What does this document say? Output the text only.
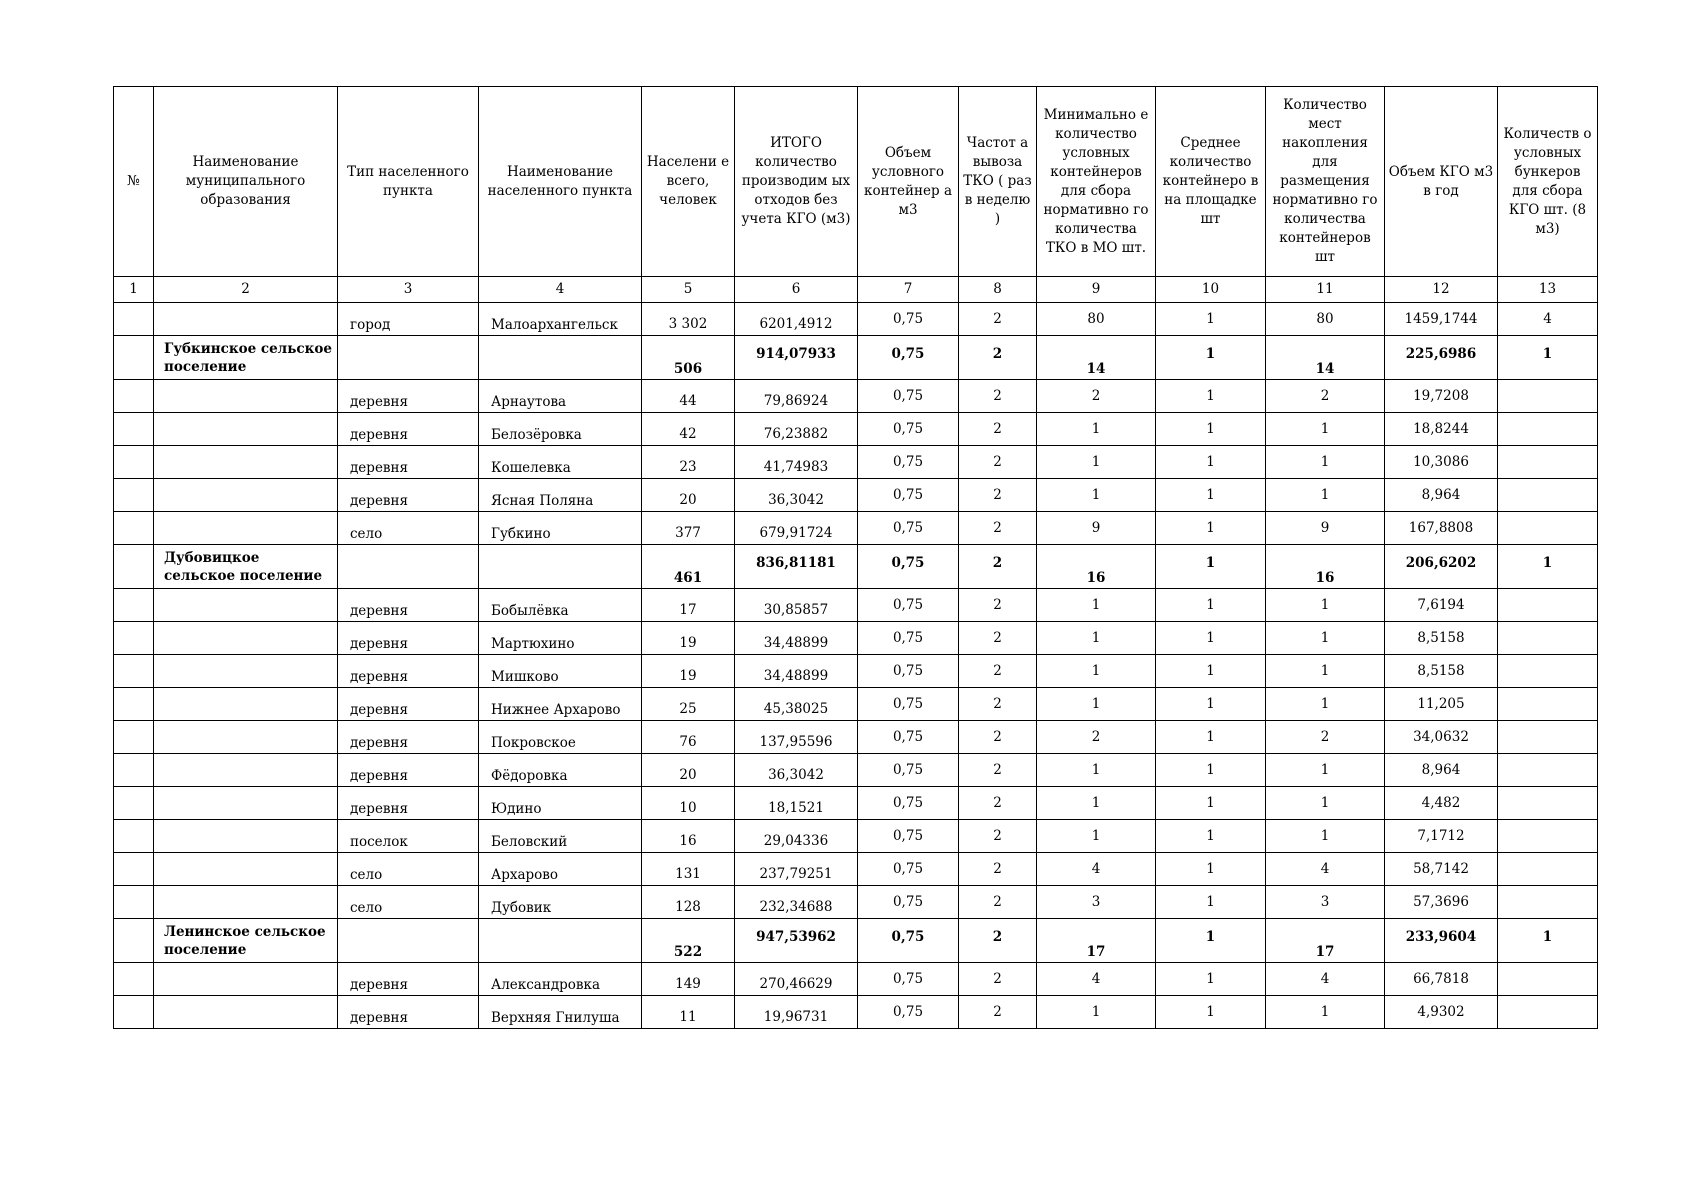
№	Наименование муниципального образования	Тип населенного пункта	Наименование населенного пункта	Населени е всего, человек	ИТОГО количество производим ых отходов без учета КГО (м3)	Объем условного контейнер а м3	Частот а вывоза ТКО ( раз в неделю )	Минимально е количество условных контейнеров для сбора нормативно го количества ТКО в МО шт.	Среднее количество контейнеро в на площадке шт	Количество мест накопления для размещения нормативно го количества контейнеров шт	Объем КГО м3 в год	Количеств о условных бункеров для сбора КГО шт. (8 м3)
1	2	3	4	5	6	7	8	9	10	11	12	13
		город	Малоархангельск	3 302	6201,4912	0,75	2	80	1	80	1459,1744	4
	Губкинское сельское поселение			506	914,07933	0,75	2	14	1	14	225,6986	1
		деревня	Арнаутова	44	79,86924	0,75	2	2	1	2	19,7208	
		деревня	Белозёровка	42	76,23882	0,75	2	1	1	1	18,8244	
		деревня	Кошелевка	23	41,74983	0,75	2	1	1	1	10,3086	
		деревня	Ясная Поляна	20	36,3042	0,75	2	1	1	1	8,964	
		село	Губкино	377	679,91724	0,75	2	9	1	9	167,8808	
	Дубовицкое сельское поселение			461	836,81181	0,75	2	16	1	16	206,6202	1
		деревня	Бобылёвка	17	30,85857	0,75	2	1	1	1	7,6194	
		деревня	Мартюхино	19	34,48899	0,75	2	1	1	1	8,5158	
		деревня	Мишково	19	34,48899	0,75	2	1	1	1	8,5158	
		деревня	Нижнее Архарово	25	45,38025	0,75	2	1	1	1	11,205	
		деревня	Покровское	76	137,95596	0,75	2	2	1	2	34,0632	
		деревня	Фёдоровка	20	36,3042	0,75	2	1	1	1	8,964	
		деревня	Юдино	10	18,1521	0,75	2	1	1	1	4,482	
		поселок	Беловский	16	29,04336	0,75	2	1	1	1	7,1712	
		село	Архарово	131	237,79251	0,75	2	4	1	4	58,7142	
		село	Дубовик	128	232,34688	0,75	2	3	1	3	57,3696	
	Ленинское сельское поселение			522	947,53962	0,75	2	17	1	17	233,9604	1
		деревня	Александровка	149	270,46629	0,75	2	4	1	4	66,7818	
		деревня	Верхняя Гнилуша	11	19,96731	0,75	2	1	1	1	4,9302	
